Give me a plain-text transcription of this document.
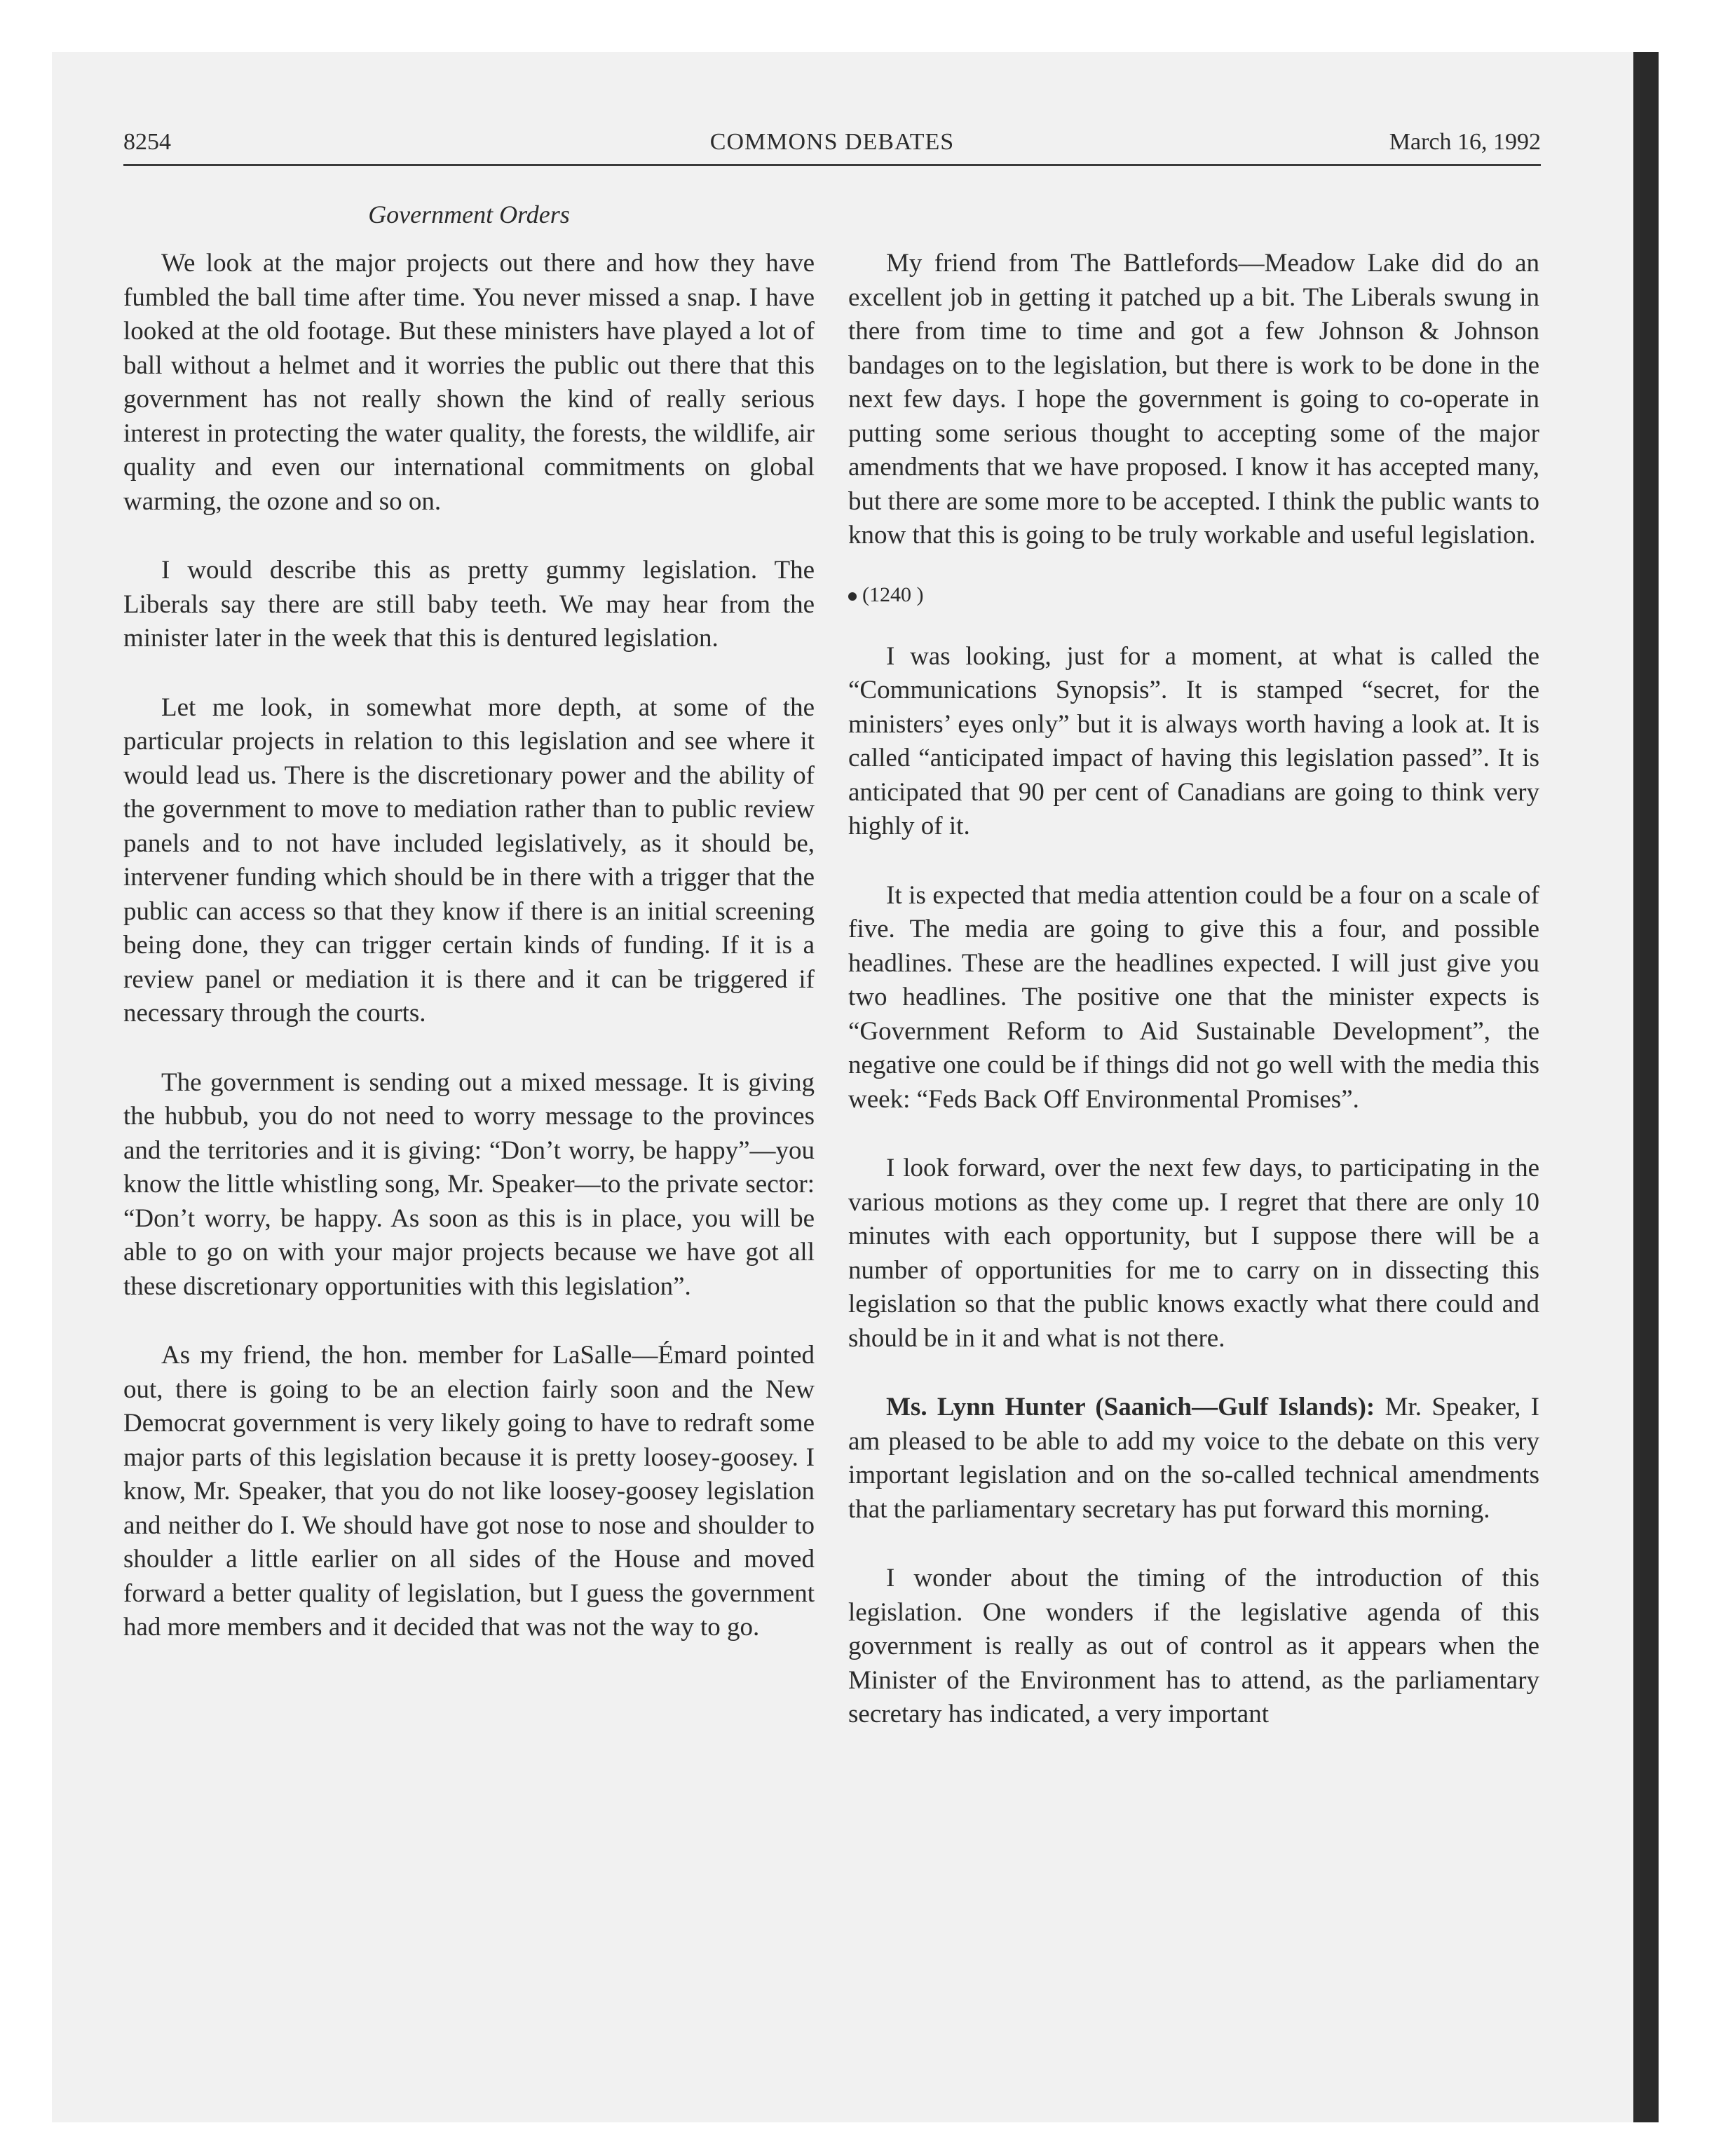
8254	COMMONS DEBATES	March 16, 1992
Government Orders

We look at the major projects out there and how they have fumbled the ball time after time. You never missed a snap. I have looked at the old footage. But these ministers have played a lot of ball without a helmet and it worries the public out there that this government has not really shown the kind of really serious interest in protecting the water quality, the forests, the wildlife, air quality and even our international commitments on global warming, the ozone and so on.

I would describe this as pretty gummy legislation. The Liberals say there are still baby teeth. We may hear from the minister later in the week that this is dentured legislation.

Let me look, in somewhat more depth, at some of the particular projects in relation to this legislation and see where it would lead us. There is the discretionary power and the ability of the government to move to mediation rather than to public review panels and to not have included legislatively, as it should be, intervener funding which should be in there with a trigger that the public can access so that they know if there is an initial screening being done, they can trigger certain kinds of funding. If it is a review panel or mediation it is there and it can be triggered if necessary through the courts.

The government is sending out a mixed message. It is giving the hubbub, you do not need to worry message to the provinces and the territories and it is giving: “Don’t worry, be happy”—you know the little whistling song, Mr. Speaker—to the private sector: “Don’t worry, be happy. As soon as this is in place, you will be able to go on with your major projects because we have got all these discretionary opportunities with this legislation”.

As my friend, the hon. member for LaSalle—Émard pointed out, there is going to be an election fairly soon and the New Democrat government is very likely going to have to redraft some major parts of this legislation because it is pretty loosey-goosey. I know, Mr. Speaker, that you do not like loosey-goosey legislation and neither do I. We should have got nose to nose and shoulder to shoulder a little earlier on all sides of the House and moved forward a better quality of legislation, but I guess the government had more members and it decided that was not the way to go.

My friend from The Battlefords—Meadow Lake did do an excellent job in getting it patched up a bit. The Liberals swung in there from time to time and got a few Johnson & Johnson bandages on to the legislation, but there is work to be done in the next few days. I hope the government is going to co-operate in putting some serious thought to accepting some of the major amendments that we have proposed. I know it has accepted many, but there are some more to be accepted. I think the public wants to know that this is going to be truly workable and useful legislation.

(1240 )

I was looking, just for a moment, at what is called the “Communications Synopsis”. It is stamped “secret, for the ministers’ eyes only” but it is always worth having a look at. It is called “anticipated impact of having this legislation passed”. It is anticipated that 90 per cent of Canadians are going to think very highly of it.

It is expected that media attention could be a four on a scale of five. The media are going to give this a four, and possible headlines. These are the headlines expected. I will just give you two headlines. The positive one that the minister expects is “Government Reform to Aid Sustainable Development”, the negative one could be if things did not go well with the media this week: “Feds Back Off Environmental Promises”.

I look forward, over the next few days, to participating in the various motions as they come up. I regret that there are only 10 minutes with each opportunity, but I suppose there will be a number of opportunities for me to carry on in dissecting this legislation so that the public knows exactly what there could and should be in it and what is not there.

Ms. Lynn Hunter (Saanich—Gulf Islands): Mr. Speaker, I am pleased to be able to add my voice to the debate on this very important legislation and on the so-called technical amendments that the parliamentary secretary has put forward this morning.

I wonder about the timing of the introduction of this legislation. One wonders if the legislative agenda of this government is really as out of control as it appears when the Minister of the Environment has to attend, as the parliamentary secretary has indicated, a very important
